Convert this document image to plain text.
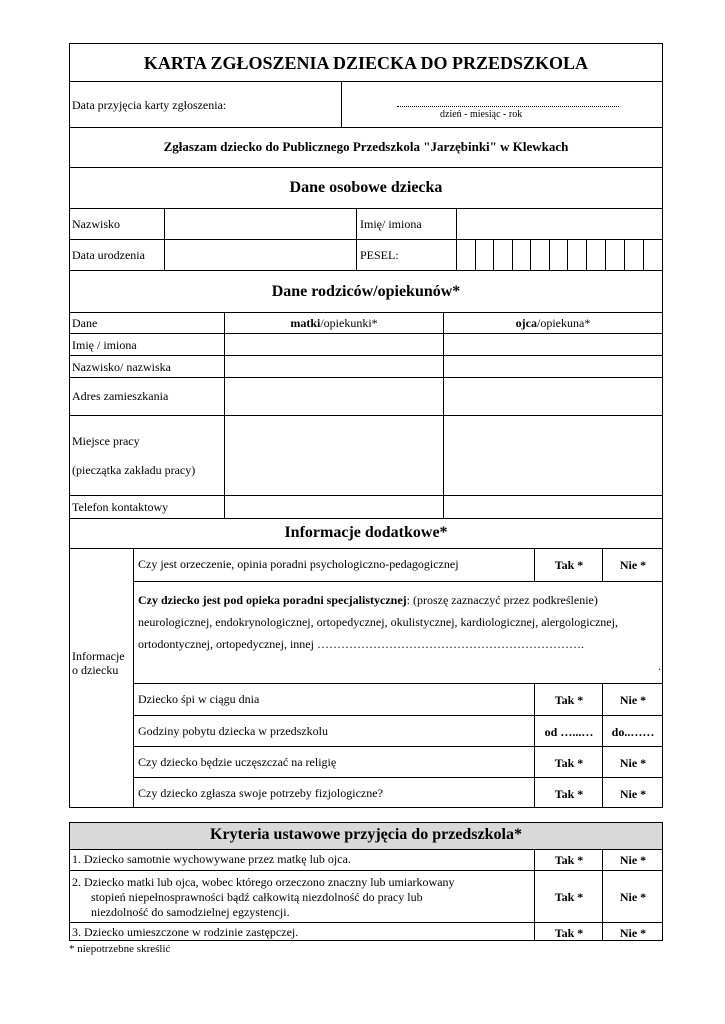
KARTA ZGŁOSZENIA DZIECKA DO PRZEDSZKOLA
Data przyjęcia karty zgłoszenia:
dzień - miesiąc - rok
Zgłaszam dziecko do Publicznego Przedszkola "Jarzębinki" w Klewkach
Dane osobowe dziecka
Nazwisko	Imię/ imiona
Data urodzenia	PESEL:
Dane rodziców/opiekunów*
Dane	matki/opiekunki*	ojca/opiekuna*
Imię / imiona
Nazwisko/ nazwiska
Adres zamieszkania
Miejsce pracy
(pieczątka zakładu pracy)
Telefon kontaktowy
Informacje dodatkowe*
Informacje
o dziecku
Czy jest orzeczenie, opinia poradni psychologiczno-pedagogicznej	Tak *	Nie *
Czy dziecko jest pod opieka poradni specjalistycznej: (proszę zaznaczyć przez podkreślenie)
neurologicznej, endokrynologicznej, ortopedycznej, okulistycznej, kardiologicznej, alergologicznej,
ortodontycznej, ortopedycznej, innej ………………………………………………………….
.
Dziecko śpi w ciągu dnia	Tak *	Nie *
Godziny pobytu dziecka w przedszkolu	od …...…	do..……
Czy dziecko będzie uczęszczać na religię	Tak *	Nie *
Czy dziecko zgłasza swoje potrzeby fizjologiczne?	Tak *	Nie *
Kryteria ustawowe przyjęcia do przedszkola*
1. Dziecko samotnie wychowywane przez matkę lub ojca.	Tak *	Nie *
2. Dziecko matki lub ojca, wobec którego orzeczono znaczny lub umiarkowany
stopień niepełnosprawności bądź całkowitą niezdolność do pracy lub
niezdolność do samodzielnej egzystencji.
Tak *	Nie *
3. Dziecko umieszczone w rodzinie zastępczej.	Tak *	Nie *
* niepotrzebne skreślić
